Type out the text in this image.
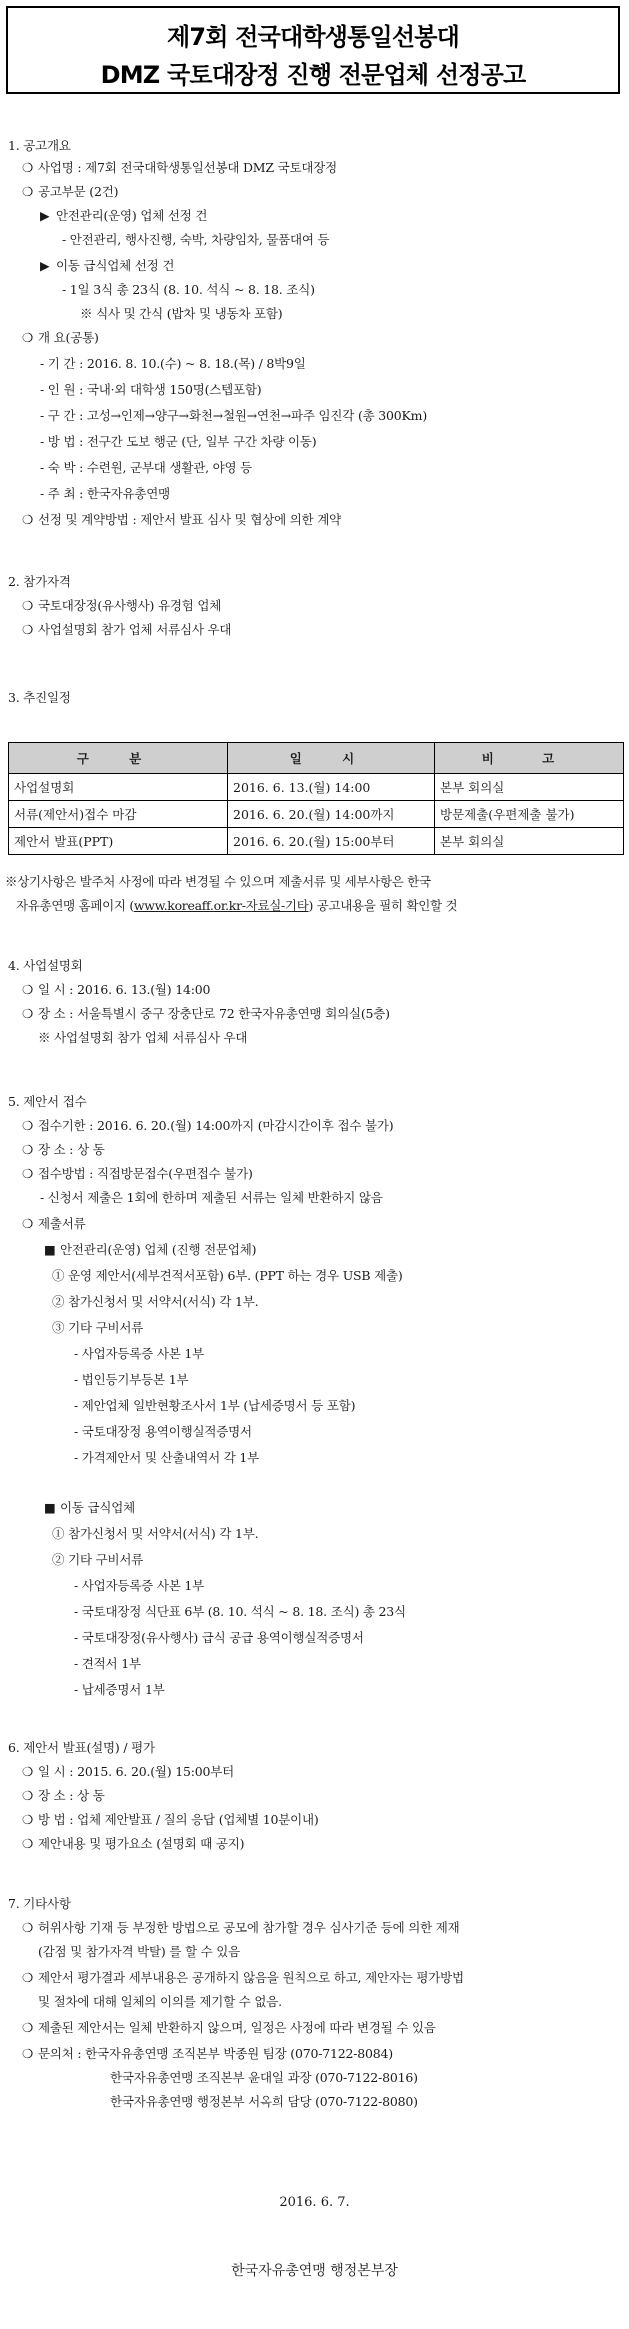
제7회 전국대학생통일선봉대
DMZ 국토대장정 진행 전문업체 선정공고
1. 공고개요
❍ 사업명 : 제7회 전국대학생통일선봉대 DMZ 국토대장정
❍ 공고부문 (2건)
▶ 안전관리(운영) 업체 선정 건
- 안전관리, 행사진행, 숙박, 차량임차, 물품대여 등
▶ 이동 급식업체 선정 건
- 1일 3식 총 23식 (8. 10. 석식 ~ 8. 18. 조식)
※ 식사 및 간식 (밥차 및 냉동차 포함)
❍ 개 요(공통)
- 기 간 : 2016. 8. 10.(수) ~ 8. 18.(목) / 8박9일
- 인 원 : 국내·외 대학생 150명(스텝포함)
- 구 간 : 고성→인제→양구→화천→철원→연천→파주 임진각 (총 300Km)
- 방 법 : 전구간 도보 행군 (단, 일부 구간 차량 이동)
- 숙 박 : 수련원, 군부대 생활관, 야영 등
- 주 최 : 한국자유총연맹
❍ 선정 및 계약방법 : 제안서 발표 심사 및 협상에 의한 계약
2. 참가자격
❍ 국토대장정(유사행사) 유경험 업체
❍ 사업설명회 참가 업체 서류심사 우대
3. 추진일정
구 분	일 시	비 고
사업설명회	2016. 6. 13.(월) 14:00	본부 회의실
서류(제안서)접수 마감	2016. 6. 20.(월) 14:00까지	방문제출(우편제출 불가)
제안서 발표(PPT)	2016. 6. 20.(월) 15:00부터	본부 회의실
※상기사항은 발주처 사정에 따라 변경될 수 있으며 제출서류 및 세부사항은 한국
자유총연맹 홈페이지 (www.koreaff.or.kr-자료실-기타) 공고내용을 필히 확인할 것
4. 사업설명회
❍ 일 시 : 2016. 6. 13.(월) 14:00
❍ 장 소 : 서울특별시 중구 장충단로 72 한국자유총연맹 회의실(5층)
※ 사업설명회 참가 업체 서류심사 우대
5. 제안서 접수
❍ 접수기한 : 2016. 6. 20.(월) 14:00까지 (마감시간이후 접수 불가)
❍ 장 소 : 상 동
❍ 접수방법 : 직접방문접수(우편접수 불가)
- 신청서 제출은 1회에 한하며 제출된 서류는 일체 반환하지 않음
❍ 제출서류
■ 안전관리(운영) 업체 (진행 전문업체)
① 운영 제안서(세부견적서포함) 6부. (PPT 하는 경우 USB 제출)
② 참가신청서 및 서약서(서식) 각 1부.
③ 기타 구비서류
- 사업자등록증 사본 1부
- 법인등기부등본 1부
- 제안업체 일반현황조사서 1부 (납세증명서 등 포함)
- 국토대장정 용역이행실적증명서
- 가격제안서 및 산출내역서 각 1부
■ 이동 급식업체
① 참가신청서 및 서약서(서식) 각 1부.
② 기타 구비서류
- 사업자등록증 사본 1부
- 국토대장정 식단표 6부 (8. 10. 석식 ~ 8. 18. 조식) 총 23식
- 국토대장정(유사행사) 급식 공급 용역이행실적증명서
- 견적서 1부
- 납세증명서 1부
6. 제안서 발표(설명) / 평가
❍ 일 시 : 2015. 6. 20.(월) 15:00부터
❍ 장 소 : 상 동
❍ 방 법 : 업체 제안발표 / 질의 응답 (업체별 10분이내)
❍ 제안내용 및 평가요소 (설명회 때 공지)
7. 기타사항
❍ 허위사항 기재 등 부정한 방법으로 공모에 참가할 경우 심사기준 등에 의한 제재
(감점 및 참가자격 박탈) 를 할 수 있음
❍ 제안서 평가결과 세부내용은 공개하지 않음을 원칙으로 하고, 제안자는 평가방법
및 절차에 대해 일체의 이의를 제기할 수 없음.
❍ 제출된 제안서는 일체 반환하지 않으며, 일정은 사정에 따라 변경될 수 있음
❍ 문의처 : 한국자유총연맹 조직본부 박종원 팀장 (070-7122-8084)
한국자유총연맹 조직본부 윤대일 과장 (070-7122-8016)
한국자유총연맹 행정본부 서옥희 담당 (070-7122-8080)
2016. 6. 7.
한국자유총연맹 행정본부장
